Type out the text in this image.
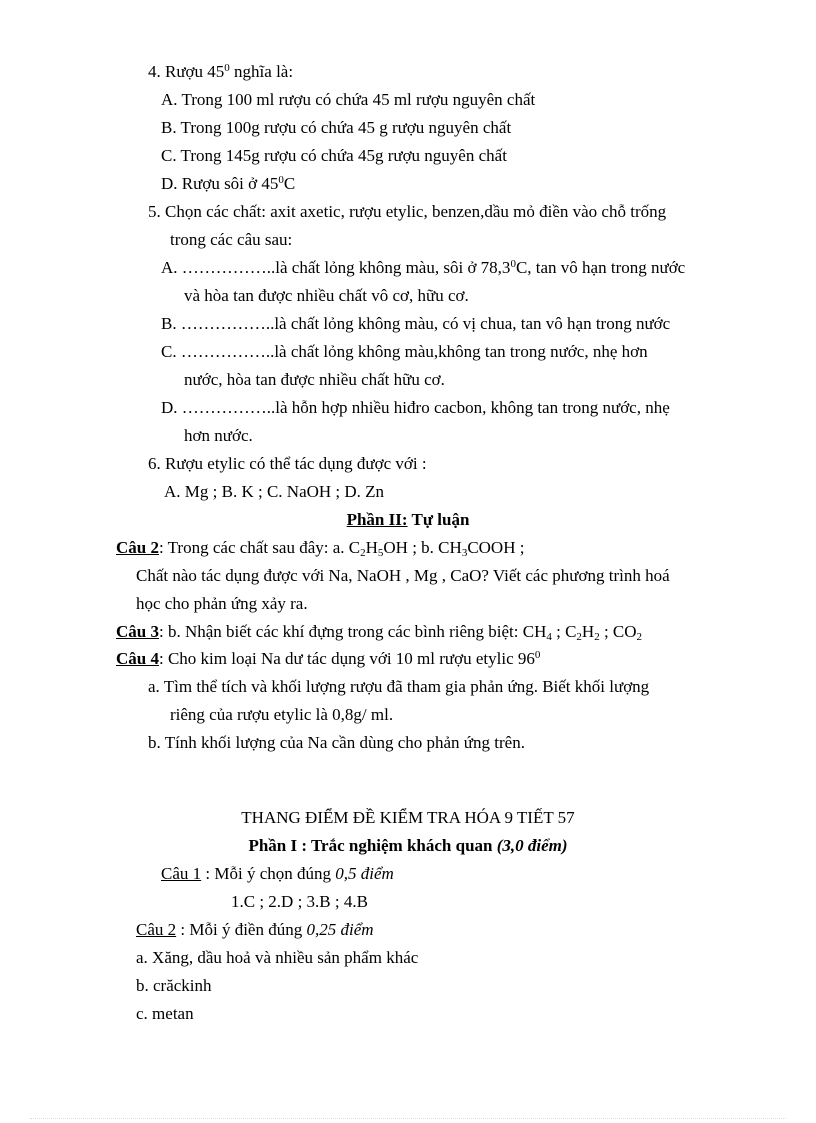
4. Rượu $45^0$ nghĩa là:
A. Trong 100 ml rượu có chứa 45 ml rượu nguyên chất
B. Trong 100g rượu có chứa 45 g rượu nguyên chất
C. Trong 145g rượu có chứa 45g rượu nguyên chất
D. Rượu sôi ở $45^0C$
5. Chọn các chất: axit axetic, rượu etylic, benzen,dầu mỏ điền vào chỗ trống
trong các câu sau:
A. ……………..là chất lỏng không màu, sôi ở 78,3$^0$C, tan vô hạn trong nước
và hòa tan được nhiều chất vô cơ, hữu cơ.
B. ……………..là chất lỏng không màu, có vị chua, tan vô hạn trong nước
C. ……………..là chất lỏng không màu,không tan trong nước, nhẹ hơn
nước, hòa tan được nhiều chất hữu cơ.
D. ……………..là hỗn hợp nhiều hiđro cacbon, không tan trong nước, nhẹ
hơn nước.
6. Rượu etylic có thể tác dụng được với :
A. Mg ; B. K ; C. NaOH ; D. Zn
Phần II: Tự luận
Câu 2: Trong các chất sau đây: a. $C_2H_5OH$ ; b. $CH_3COOH$ ;
Chất nào tác dụng được với Na, NaOH , Mg , CaO? Viết các phương trình hoá
học cho phản ứng xảy ra.
Câu 3: b. Nhận biết các khí đựng trong các bình riêng biệt: $CH_4$ ; $C_2H_2$ ; $CO_2$
Câu 4: Cho kim loại Na dư tác dụng với 10 ml rượu etylic $96^0$
a. Tìm thể tích và khối lượng rượu đã tham gia phản ứng. Biết khối lượng
riêng của rượu etylic là 0,8g/ ml.
b. Tính khối lượng của Na cần dùng cho phản ứng trên.
THANG ĐIỂM ĐỀ KIỂM TRA HÓA 9 TIẾT 57
Phần I : Trắc nghiệm khách quan (3,0 điểm)
Câu 1 : Mỗi ý chọn đúng 0,5 điểm
1.C ; 2.D ; 3.B ; 4.B
Câu 2 : Mỗi ý điền đúng 0,25 điểm
a. Xăng, dầu hoả và nhiều sản phẩm khác
b. crăckinh
c. metan
